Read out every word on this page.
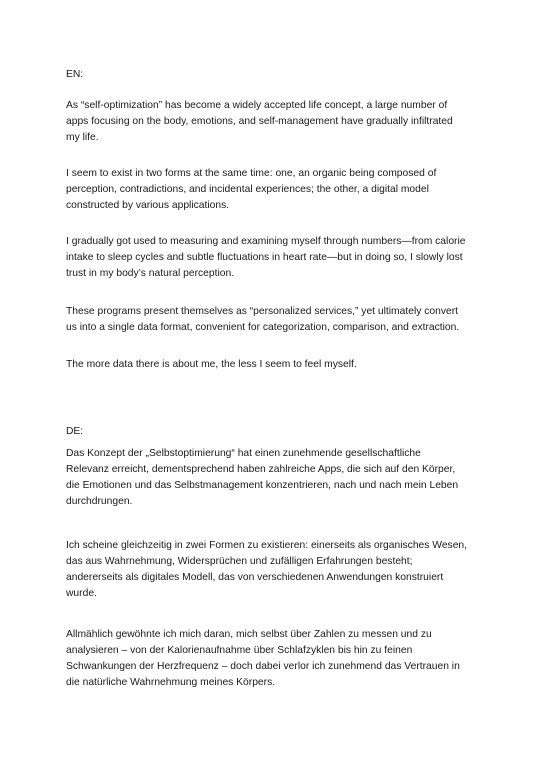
EN:

As “self-optimization” has become a widely accepted life concept, a large number of
apps focusing on the body, emotions, and self-management have gradually infiltrated
my life.

I seem to exist in two forms at the same time: one, an organic being composed of
perception, contradictions, and incidental experiences; the other, a digital model
constructed by various applications.

I gradually got used to measuring and examining myself through numbers—from calorie
intake to sleep cycles and subtle fluctuations in heart rate—but in doing so, I slowly lost
trust in my body’s natural perception.

These programs present themselves as “personalized services,” yet ultimately convert
us into a single data format, convenient for categorization, comparison, and extraction.

The more data there is about me, the less I seem to feel myself.

DE:

Das Konzept der „Selbstoptimierung“ hat einen zunehmende gesellschaftliche
Relevanz erreicht, dementsprechend haben zahlreiche Apps, die sich auf den Körper,
die Emotionen und das Selbstmanagement konzentrieren, nach und nach mein Leben
durchdrungen.

Ich scheine gleichzeitig in zwei Formen zu existieren: einerseits als organisches Wesen,
das aus Wahrnehmung, Widersprüchen und zufälligen Erfahrungen besteht;
andererseits als digitales Modell, das von verschiedenen Anwendungen konstruiert
wurde.

Allmählich gewöhnte ich mich daran, mich selbst über Zahlen zu messen und zu
analysieren – von der Kalorienaufnahme über Schlafzyklen bis hin zu feinen
Schwankungen der Herzfrequenz – doch dabei verlor ich zunehmend das Vertrauen in
die natürliche Wahrnehmung meines Körpers.
